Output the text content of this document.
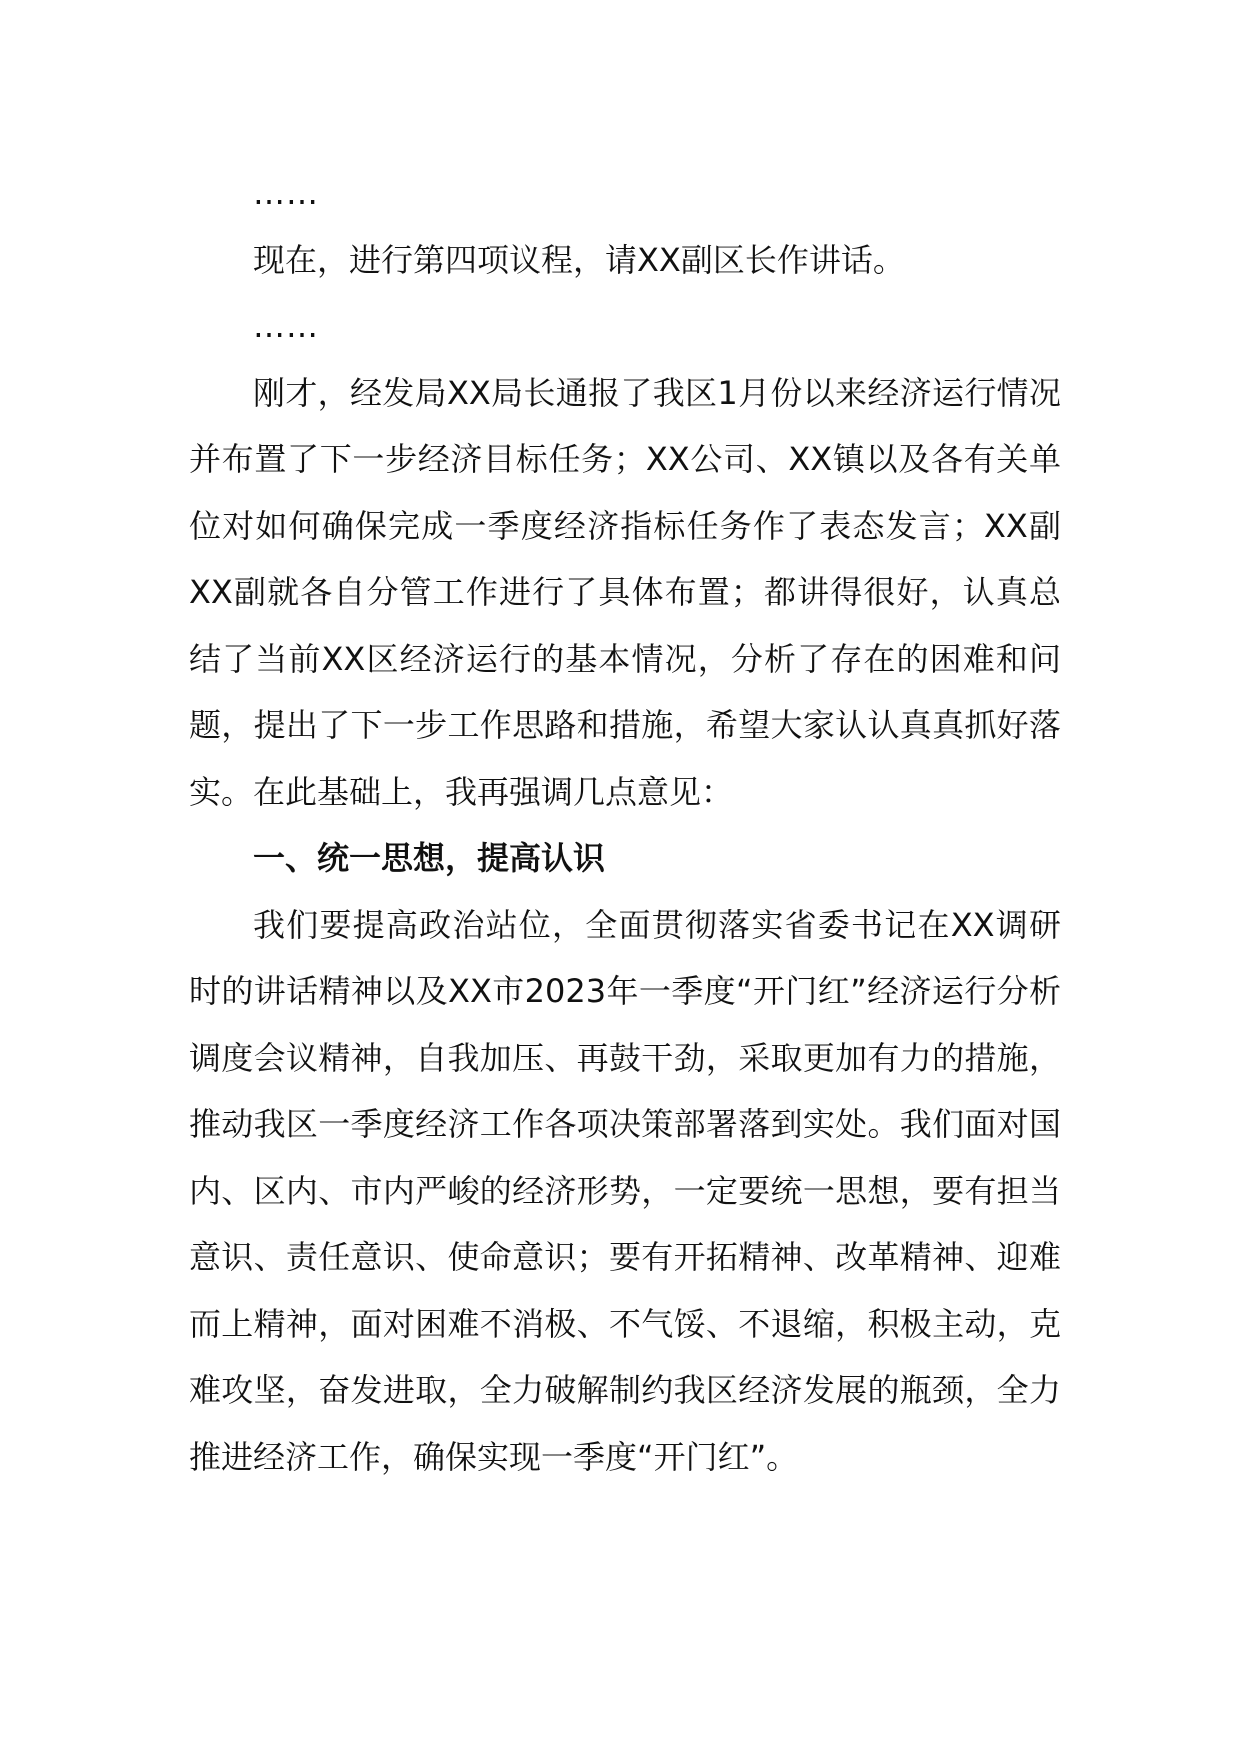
……

现在，进行第四项议程，请XX副区长作讲话。

……

刚才，经发局XX局长通报了我区1月份以来经济运行情况并布置了下一步经济目标任务；XX公司、XX镇以及各有关单位对如何确保完成一季度经济指标任务作了表态发言；XX副XX副就各自分管工作进行了具体布置；都讲得很好，认真总结了当前XX区经济运行的基本情况，分析了存在的困难和问题，提出了下一步工作思路和措施，希望大家认认真真抓好落实。在此基础上，我再强调几点意见：

一、统一思想，提高认识

我们要提高政治站位，全面贯彻落实省委书记在XX调研时的讲话精神以及XX市2023年一季度“开门红”经济运行分析调度会议精神，自我加压、再鼓干劲，采取更加有力的措施，推动我区一季度经济工作各项决策部署落到实处。我们面对国内、区内、市内严峻的经济形势，一定要统一思想，要有担当意识、责任意识、使命意识；要有开拓精神、改革精神、迎难而上精神，面对困难不消极、不气馁、不退缩，积极主动，克难攻坚，奋发进取，全力破解制约我区经济发展的瓶颈，全力推进经济工作，确保实现一季度“开门红”。
